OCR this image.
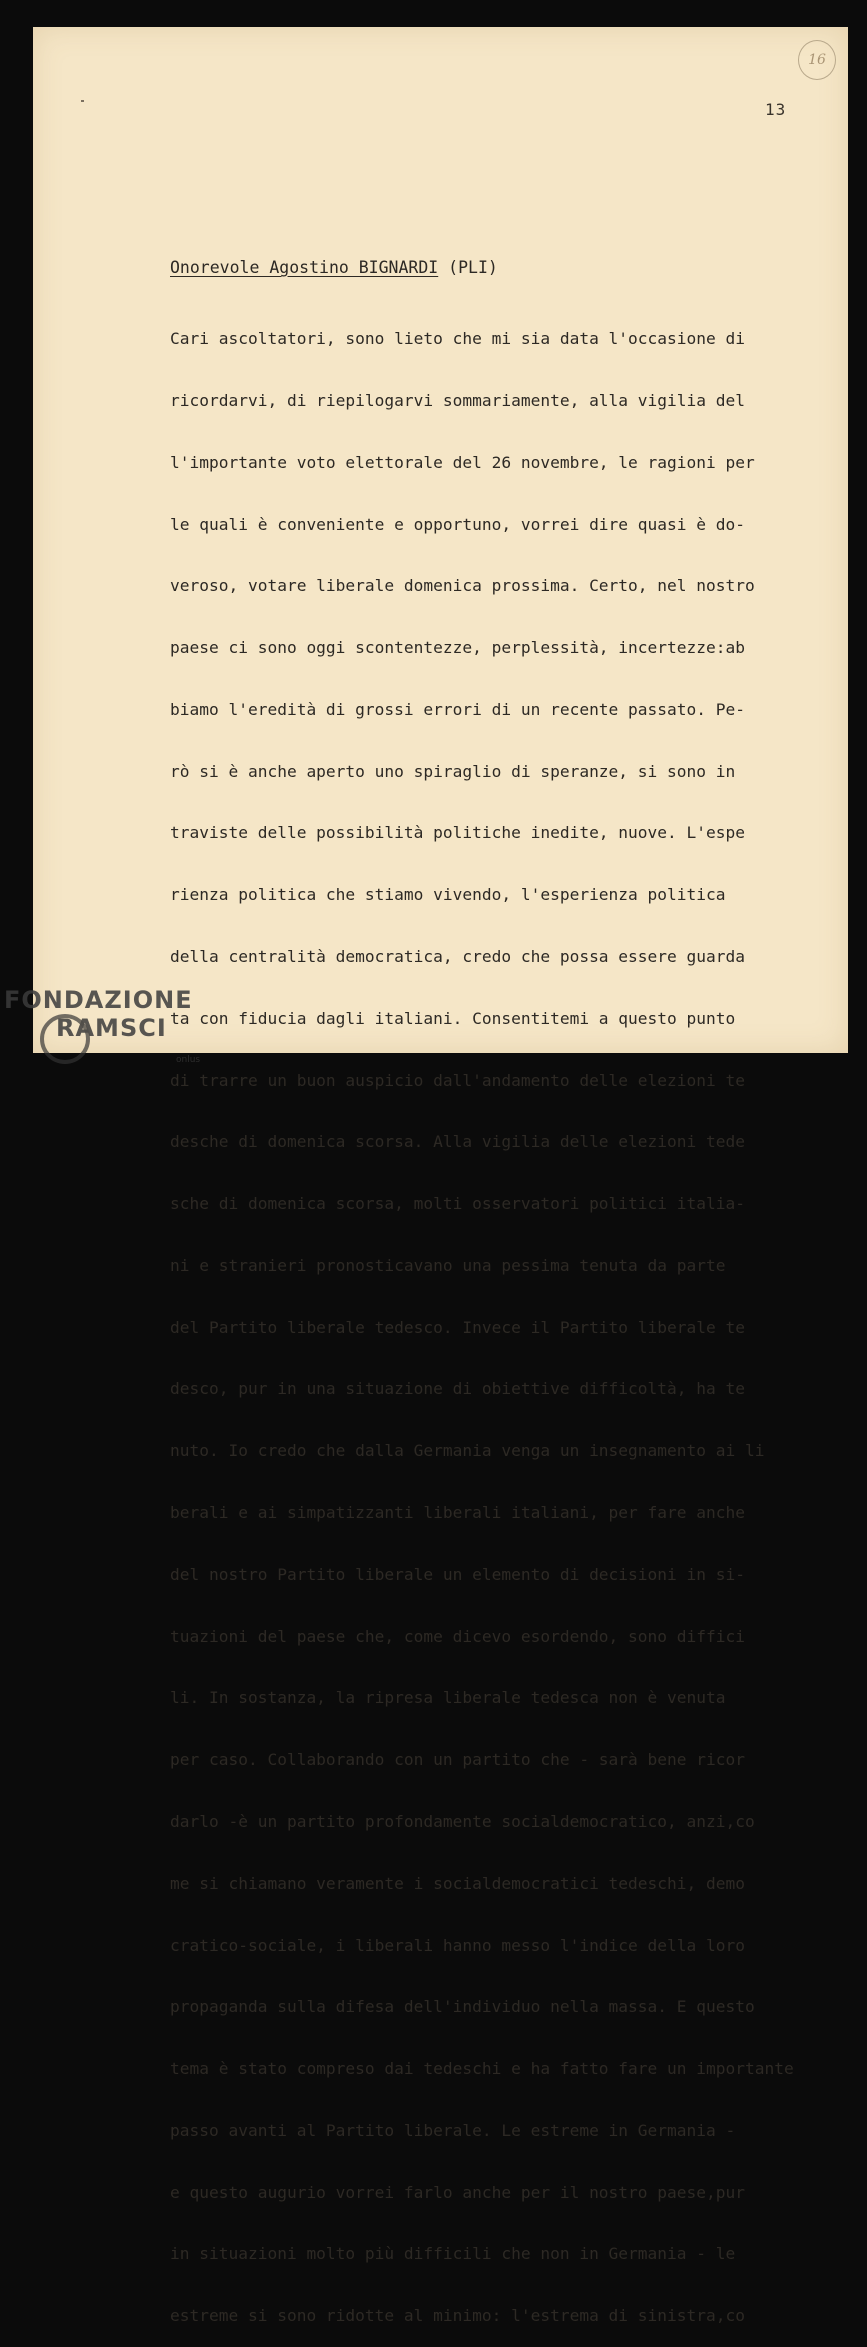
16
13
Onorevole Agostino BIGNARDI (PLI)

Cari ascoltatori, sono lieto che mi sia data l'occasione di

ricordarvi, di riepilogarvi sommariamente, alla vigilia del

l'importante voto elettorale del 26 novembre, le ragioni per

le quali è conveniente e opportuno, vorrei dire quasi è do-

veroso, votare liberale domenica prossima. Certo, nel nostro

paese ci sono oggi scontentezze, perplessità, incertezze:ab

biamo l'eredità di grossi errori di un recente passato. Pe-

rò si è anche aperto uno spiraglio di speranze, si sono in

traviste delle possibilità politiche inedite, nuove. L'espe

rienza politica che stiamo vivendo, l'esperienza politica

della centralità democratica, credo che possa essere guarda

ta con fiducia dagli italiani. Consentitemi a questo punto

di trarre un buon auspicio dall'andamento delle elezioni te

desche di domenica scorsa. Alla vigilia delle elezioni tede

sche di domenica scorsa, molti osservatori politici italia-

ni e stranieri pronosticavano una pessima tenuta da parte

del Partito liberale tedesco. Invece il Partito liberale te

desco, pur in una situazione di obiettive difficoltà, ha te

nuto. Io credo che dalla Germania venga un insegnamento ai li

berali e ai simpatizzanti liberali italiani, per fare anche

del nostro Partito liberale un elemento di decisioni in si-

tuazioni del paese che, come dicevo esordendo, sono diffici

li. In sostanza, la ripresa liberale tedesca non è venuta

per caso. Collaborando con un partito che - sarà bene ricor

darlo -è un partito profondamente socialdemocratico, anzi,co

me si chiamano veramente i socialdemocratici tedeschi, demo

cratico-sociale, i liberali hanno messo l'indice della loro

propaganda sulla difesa dell'individuo nella massa. E questo

tema è stato compreso dai tedeschi e ha fatto fare un importante

passo avanti al Partito liberale. Le estreme in Germania -

e questo augurio vorrei farlo anche per il nostro paese,pur

in situazioni molto più difficili che non in Germania - le

estreme si sono ridotte al minimo: l'estrema di sinistra,co

FONDAZIONE
RAMSCI
onlus
